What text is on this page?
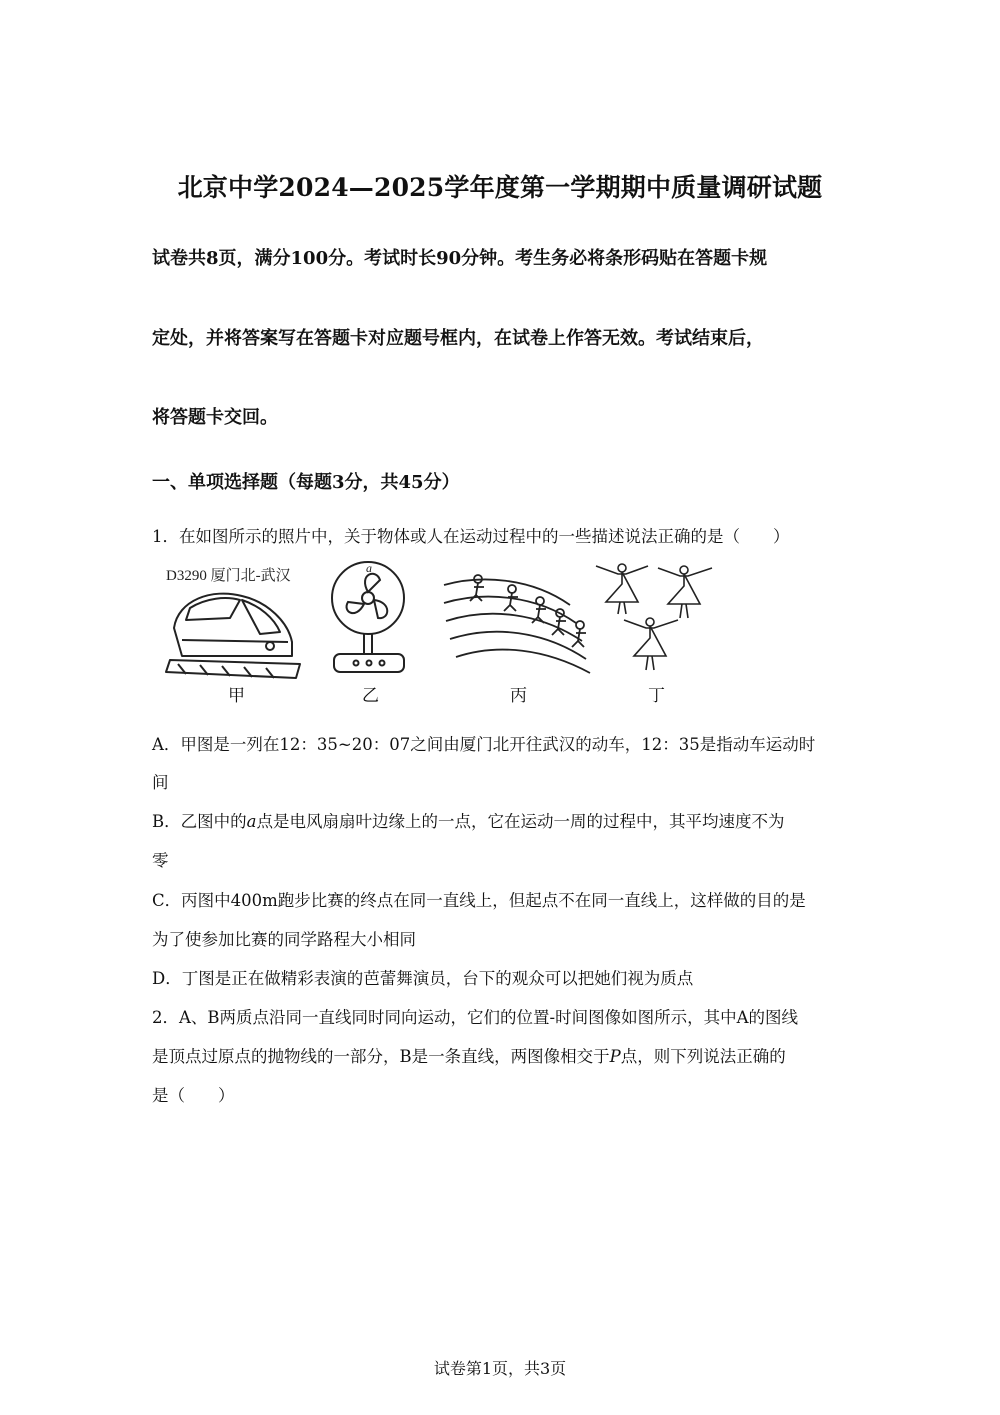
北京中学2024—2025学年度第一学期期中质量调研试题
试卷共8页，满分100分。考试时长90分钟。考生务必将条形码贴在答题卡规
定处，并将答案写在答题卡对应题号框内，在试卷上作答无效。考试结束后，
将答题卡交回。
一、单项选择题（每题3分，共45分）
1．在如图所示的照片中，关于物体或人在运动过程中的一些描述说法正确的是（　　）
D3290 厦门北-武汉
甲
a
乙	丙	丁
A．甲图是一列在12：35~20：07之间由厦门北开往武汉的动车，12：35是指动车运动时
间
B．乙图中的a点是电风扇扇叶边缘上的一点，它在运动一周的过程中，其平均速度不为
零
C．丙图中400m跑步比赛的终点在同一直线上，但起点不在同一直线上，这样做的目的是
为了使参加比赛的同学路程大小相同
D．丁图是正在做精彩表演的芭蕾舞演员，台下的观众可以把她们视为质点
2．A、B两质点沿同一直线同时同向运动，它们的位置-时间图像如图所示，其中A的图线
是顶点过原点的抛物线的一部分，B是一条直线，两图像相交于P点，则下列说法正确的
是（　　）
试卷第1页，共3页
